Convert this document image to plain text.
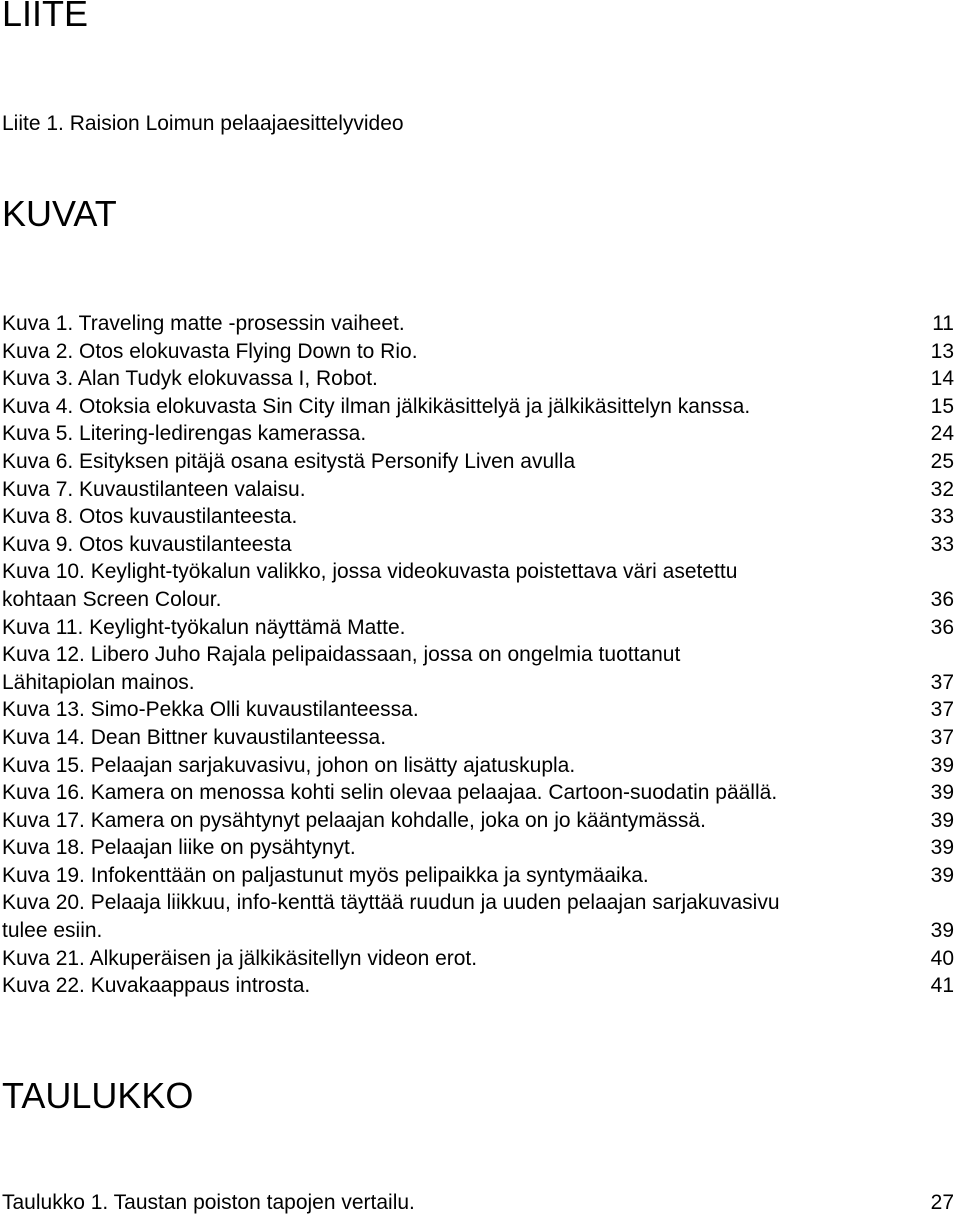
LIITE
Liite 1. Raision Loimun pelaajaesittelyvideo
KUVAT
Kuva 1. Traveling matte -prosessin vaiheet.	11
Kuva 2. Otos elokuvasta Flying Down to Rio.	13
Kuva 3. Alan Tudyk elokuvassa I, Robot.	14
Kuva 4. Otoksia elokuvasta Sin City ilman jälkikäsittelyä ja jälkikäsittelyn kanssa.	15
Kuva 5. Litering-ledirengas kamerassa.	24
Kuva 6. Esityksen pitäjä osana esitystä Personify Liven avulla	25
Kuva 7. Kuvaustilanteen valaisu.	32
Kuva 8. Otos kuvaustilanteesta.	33
Kuva 9. Otos kuvaustilanteesta	33
Kuva 10. Keylight-työkalun valikko, jossa videokuvasta poistettava väri asetettu
kohtaan Screen Colour.	36
Kuva 11. Keylight-työkalun näyttämä Matte.	36
Kuva 12. Libero Juho Rajala pelipaidassaan, jossa on ongelmia tuottanut
Lähitapiolan mainos.	37
Kuva 13. Simo-Pekka Olli kuvaustilanteessa.	37
Kuva 14. Dean Bittner kuvaustilanteessa.	37
Kuva 15. Pelaajan sarjakuvasivu, johon on lisätty ajatuskupla.	39
Kuva 16. Kamera on menossa kohti selin olevaa pelaajaa. Cartoon-suodatin päällä.	39
Kuva 17. Kamera on pysähtynyt pelaajan kohdalle, joka on jo kääntymässä.	39
Kuva 18. Pelaajan liike on pysähtynyt.	39
Kuva 19. Infokenttään on paljastunut myös pelipaikka ja syntymäaika.	39
Kuva 20. Pelaaja liikkuu, info-kenttä täyttää ruudun ja uuden pelaajan sarjakuvasivu
tulee esiin.	39
Kuva 21. Alkuperäisen ja jälkikäsitellyn videon erot.	40
Kuva 22. Kuvakaappaus introsta.	41
TAULUKKO
Taulukko 1. Taustan poiston tapojen vertailu.	27
